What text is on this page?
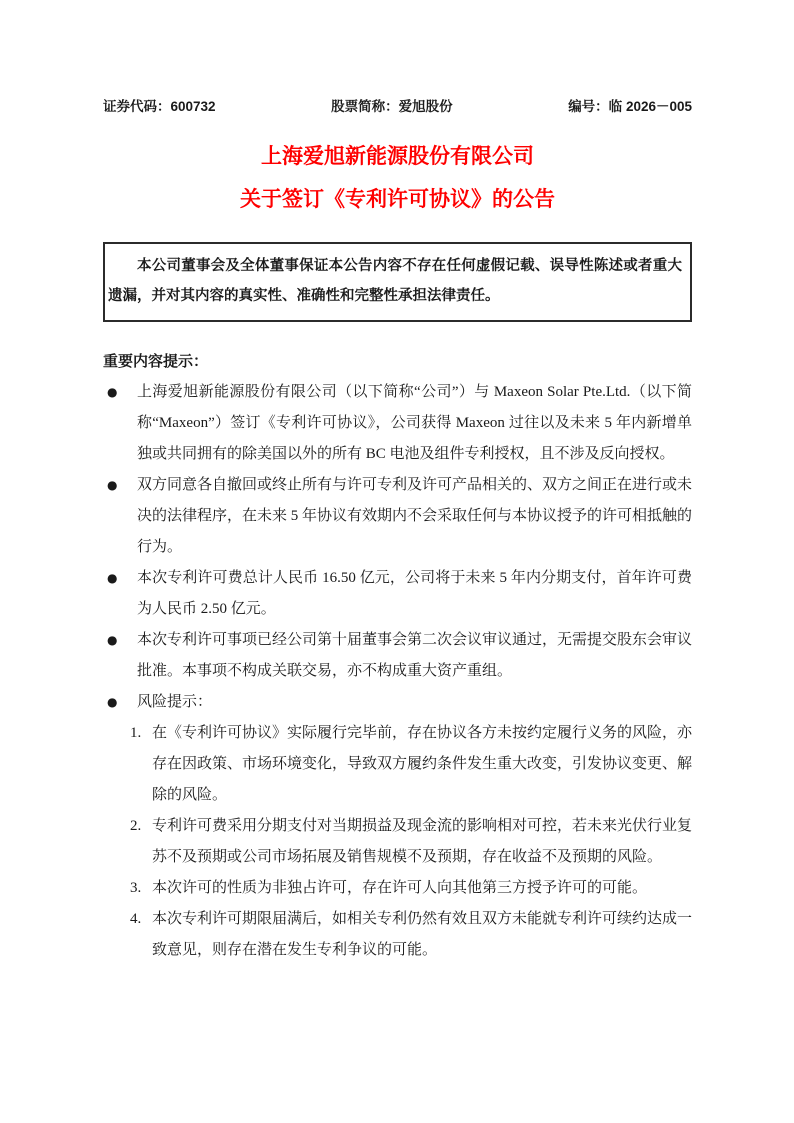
证券代码：600732	股票简称：爱旭股份	编号：临 2026－005
上海爱旭新能源股份有限公司
关于签订《专利许可协议》的公告

本公司董事会及全体董事保证本公告内容不存在任何虚假记载、误导性陈述或者重大遗漏，并对其内容的真实性、准确性和完整性承担法律责任。

重要内容提示：
● 上海爱旭新能源股份有限公司（以下简称“公司”）与 Maxeon Solar Pte.Ltd.（以下简称“Maxeon”）签订《专利许可协议》，公司获得 Maxeon 过往以及未来 5 年内新增单独或共同拥有的除美国以外的所有 BC 电池及组件专利授权，且不涉及反向授权。
● 双方同意各自撤回或终止所有与许可专利及许可产品相关的、双方之间正在进行或未决的法律程序，在未来 5 年协议有效期内不会采取任何与本协议授予的许可相抵触的行为。
● 本次专利许可费总计人民币 16.50 亿元，公司将于未来 5 年内分期支付，首年许可费为人民币 2.50 亿元。
● 本次专利许可事项已经公司第十届董事会第二次会议审议通过，无需提交股东会审议批准。本事项不构成关联交易，亦不构成重大资产重组。
● 风险提示：
1. 在《专利许可协议》实际履行完毕前，存在协议各方未按约定履行义务的风险，亦存在因政策、市场环境变化，导致双方履约条件发生重大改变，引发协议变更、解除的风险。
2. 专利许可费采用分期支付对当期损益及现金流的影响相对可控，若未来光伏行业复苏不及预期或公司市场拓展及销售规模不及预期，存在收益不及预期的风险。
3. 本次许可的性质为非独占许可，存在许可人向其他第三方授予许可的可能。
4. 本次专利许可期限届满后，如相关专利仍然有效且双方未能就专利许可续约达成一致意见，则存在潜在发生专利争议的可能。
